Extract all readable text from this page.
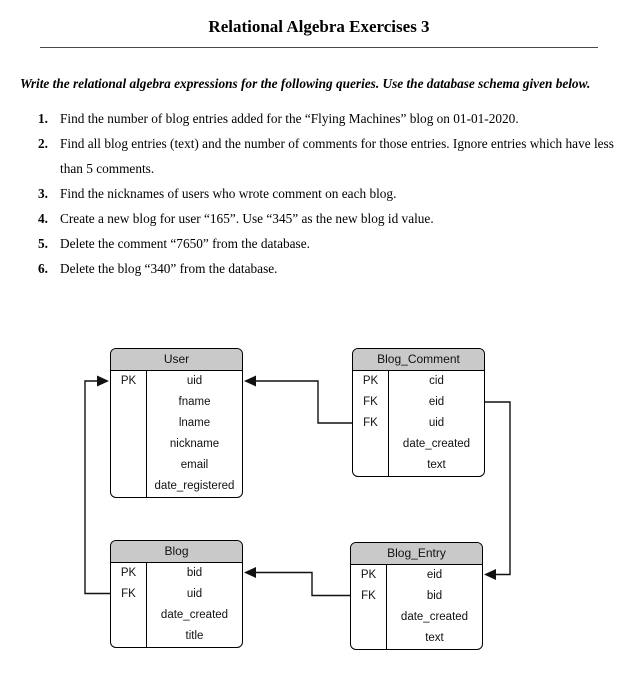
Relational Algebra Exercises 3

Write the relational algebra expressions for the following queries. Use the database schema given below.

1. Find the number of blog entries added for the “Flying Machines” blog on 01-01-2020.
2. Find all blog entries (text) and the number of comments for those entries. Ignore entries which have less than 5 comments.
3. Find the nicknames of users who wrote comment on each blog.
4. Create a new blog for user “165”. Use “345” as the new blog id value.
5. Delete the comment “7650” from the database.
6. Delete the blog “340” from the database.
User
PK	uid
fname
lname
nickname
email
date_registered
Blog_Comment
PK
FK
FK
cid
eid
uid
date_created
text
Blog
PK
FK
bid
uid
date_created
title
Blog_Entry
PK
FK
eid
bid
date_created
text
